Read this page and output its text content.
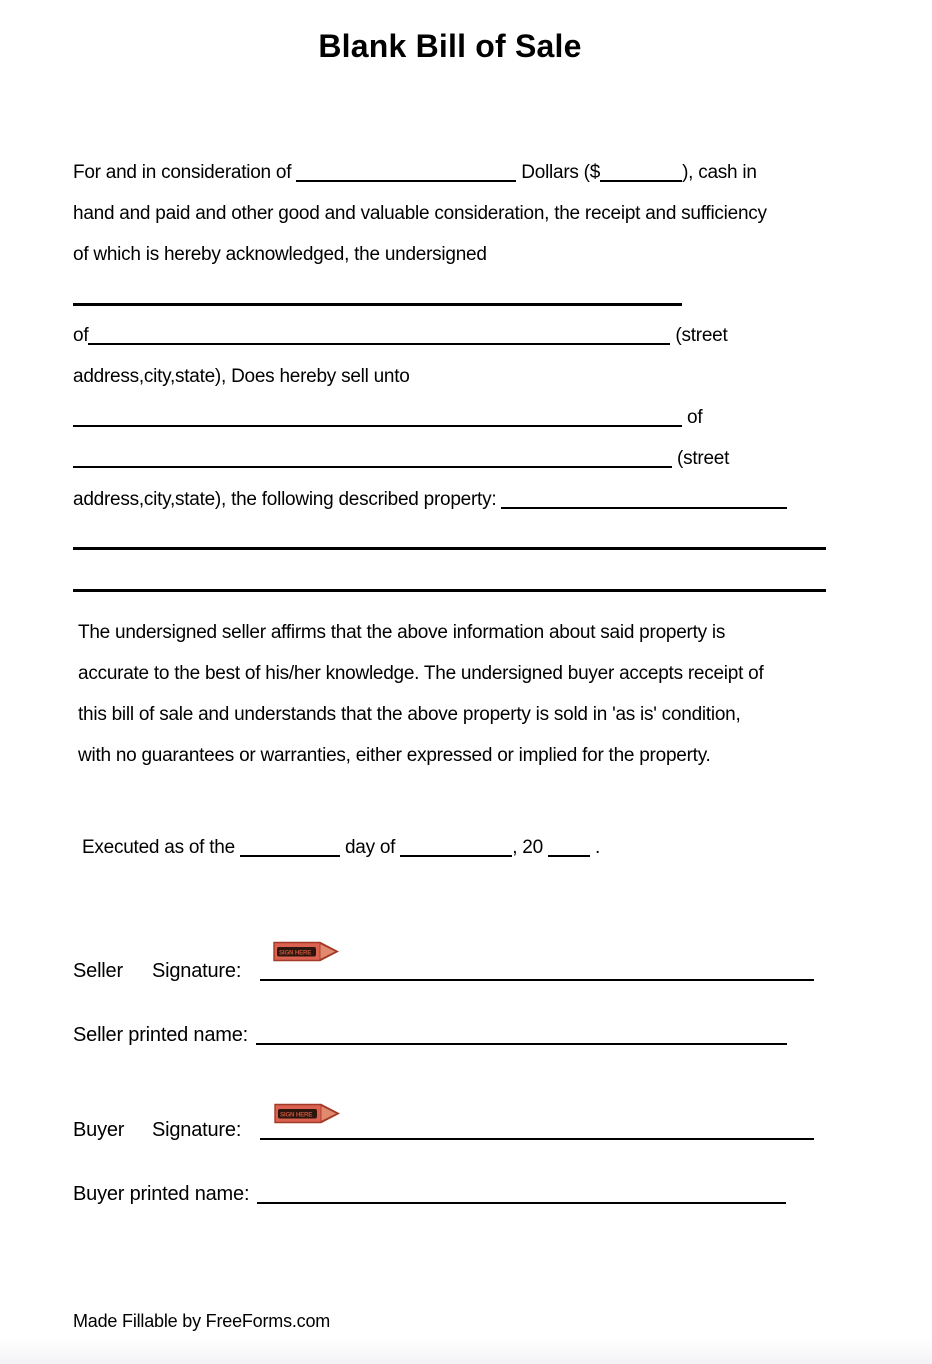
Blank Bill of Sale
For and in consideration of	Dollars ($	), cash in
hand and paid and other good and valuable consideration, the receipt and sufficiency
of which is hereby acknowledged, the undersigned
of	(street
address,city,state), Does hereby sell unto
of
(street
address,city,state), the following described property:
The undersigned seller affirms that the above information about said property is
accurate to the best of his/her knowledge. The undersigned buyer accepts receipt of
this bill of sale and understands that the above property is sold in 'as is' condition,
with no guarantees or warranties, either expressed or implied for the property.
Executed as of the	day of	, 20  .
SIGN HERE
Seller Signature:
Seller printed name:
SIGN HERE
Buyer Signature:
Buyer printed name:
Made Fillable by FreeForms.com
